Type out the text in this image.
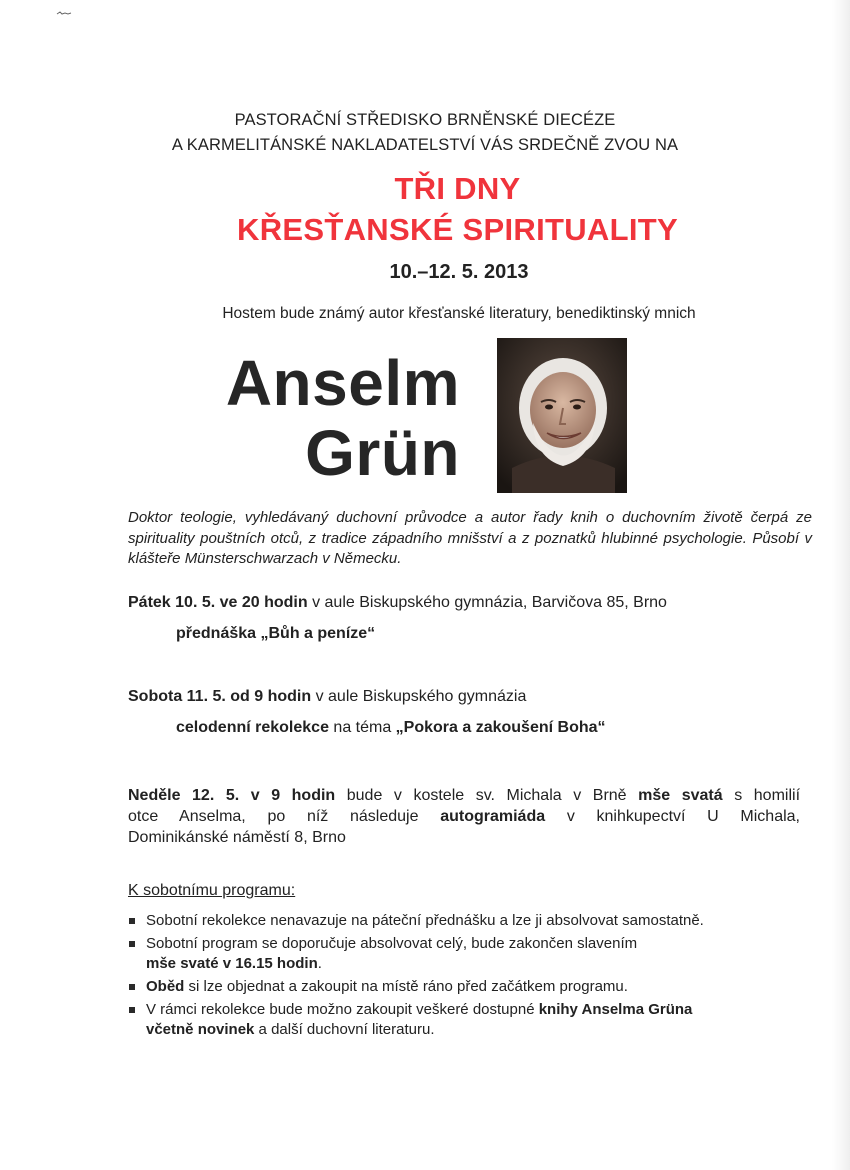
PASTORAČNÍ STŘEDISKO BRNĚNSKÉ DIECÉZE
A KARMELITÁNSKÉ NAKLADATELSTVÍ VÁS SRDEČNĚ ZVOU NA
TŘI DNY
KŘESŤANSKÉ SPIRITUALITY
10.–12. 5. 2013
Hostem bude známý autor křesťanské literatury, benediktinský mnich
Anselm
Grün
Doktor teologie, vyhledávaný duchovní průvodce a autor řady knih o duchovním životě čerpá ze spirituality pouštních otců, z tradice západního mnišství a z poznatků hlubinné psychologie. Působí v klášteře Münsterschwarzach v Německu.
Pátek 10. 5. ve 20 hodin v aule Biskupského gymnázia, Barvičova 85, Brno
přednáška „Bůh a peníze“
Sobota 11. 5. od 9 hodin v aule Biskupského gymnázia
celodenní rekolekce na téma „Pokora a zakoušení Boha“
Neděle 12. 5. v 9 hodin bude v kostele sv. Michala v Brně mše svatá s homilií
otce Anselma, po níž následuje autogramiáda v knihkupectví U Michala,
Dominikánské náměstí 8, Brno
K sobotnímu programu:
Sobotní rekolekce nenavazuje na páteční přednášku a lze ji absolvovat samostatně.
Sobotní program se doporučuje absolvovat celý, bude zakončen slavením
mše svaté v 16.15 hodin.
Oběd si lze objednat a zakoupit na místě ráno před začátkem programu.
V rámci rekolekce bude možno zakoupit veškeré dostupné knihy Anselma Grüna
včetně novinek a další duchovní literaturu.
